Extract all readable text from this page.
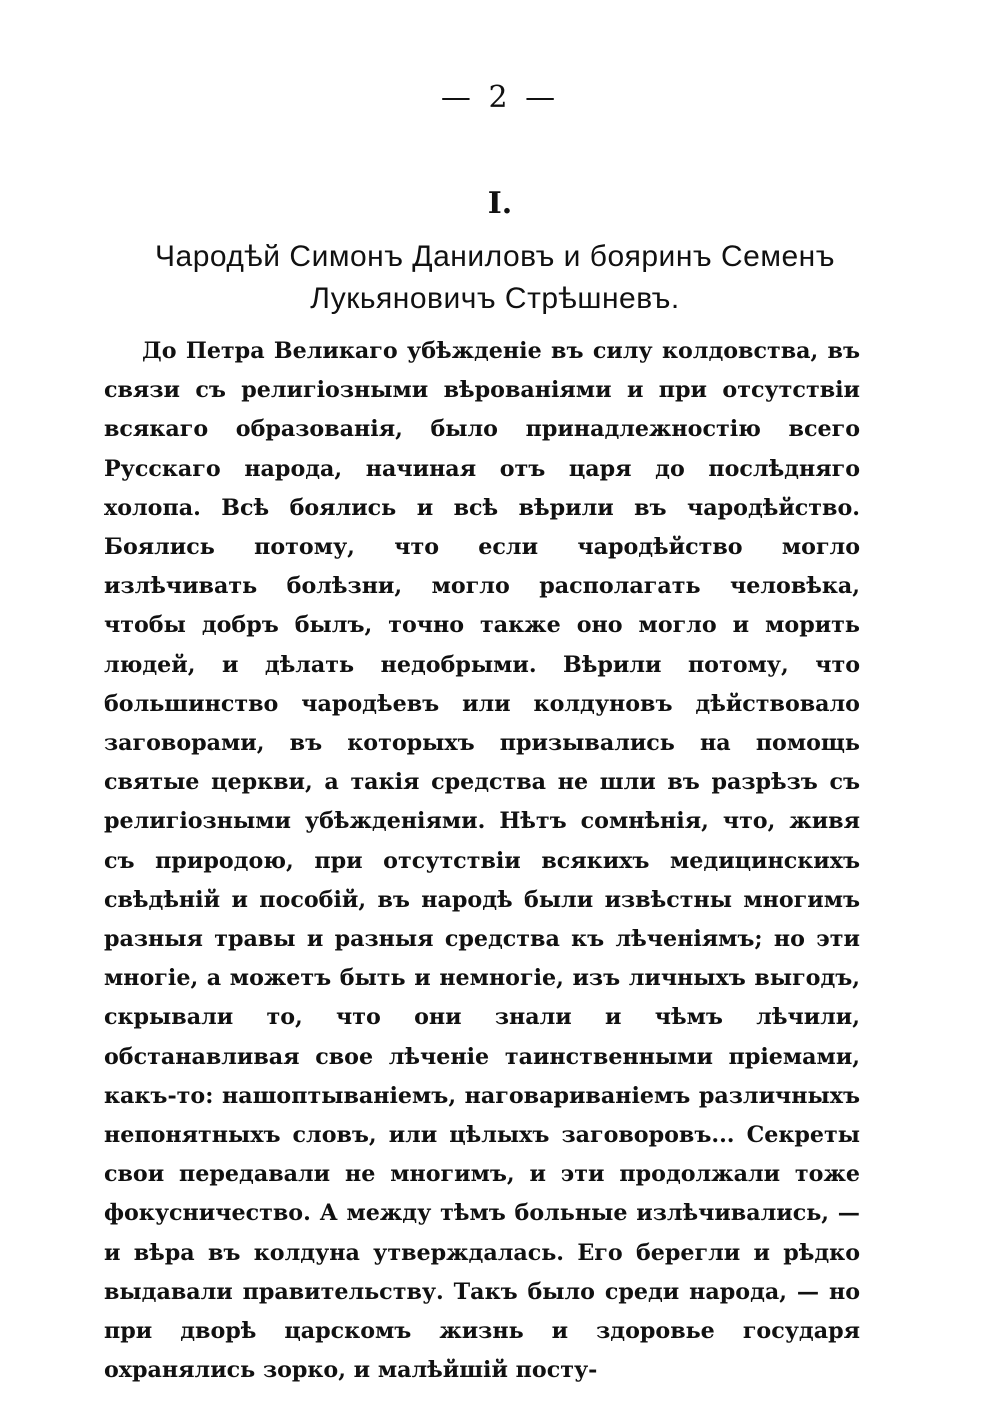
— 2 —
I.
Чародѣй Симонъ Даниловъ и бояринъ Семенъ Лукьяновичъ Стрѣшневъ.

До Петра Великаго убѣжденіе въ силу колдовства, въ связи съ религіозными вѣрованіями и при отсутствіи всякаго образованія, было принадлежностію всего Русскаго народа, начиная отъ царя до послѣдняго холопа. Всѣ боялись и всѣ вѣрили въ чародѣйство. Боялись потому, что если чародѣйство могло излѣчивать болѣзни, могло располагать человѣка, чтобы добръ былъ, точно также оно могло и морить людей, и дѣлать недобрыми. Вѣрили потому, что большинство чародѣевъ или колдуновъ дѣйствовало заговорами, въ которыхъ призывались на помощь святые церкви, а такія средства не шли въ разрѣзъ съ религіозными убѣжденіями. Нѣтъ сомнѣнія, что, живя съ природою, при отсутствіи всякихъ медицинскихъ свѣдѣній и пособій, въ народѣ были извѣстны многимъ разныя травы и разныя средства къ лѣченіямъ; но эти многіе, а можетъ быть и немногіе, изъ личныхъ выгодъ, скрывали то, что они знали и чѣмъ лѣчили, обстанавливая свое лѣченіе таинственными пріемами, какъ-то: нашоптываніемъ, наговариваніемъ различныхъ непонятныхъ словъ, или цѣлыхъ заговоровъ... Секреты свои передавали не многимъ, и эти продолжали тоже фокусничество. А между тѣмъ больные излѣчивались, — и вѣра въ колдуна утверждалась. Его берегли и рѣдко выдавали правительству. Такъ было среди народа, — но при дворѣ царскомъ жизнь и здоровье государя охранялись зорко, и малѣйшій посту-
